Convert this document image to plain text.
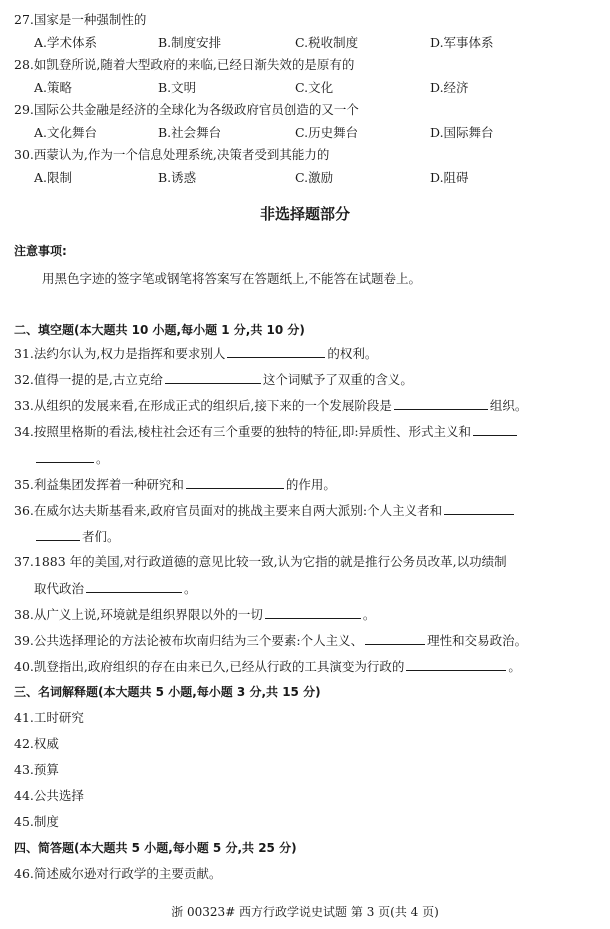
27.国家是一种强制性的
A.学术体系	B.制度安排	C.税收制度	D.军事体系
28.如凯登所说,随着大型政府的来临,已经日渐失效的是原有的
A.策略	B.文明	C.文化	D.经济
29.国际公共金融是经济的全球化为各级政府官员创造的又一个
A.文化舞台	B.社会舞台	C.历史舞台	D.国际舞台
30.西蒙认为,作为一个信息处理系统,决策者受到其能力的
A.限制	B.诱惑	C.激励	D.阻碍
非选择题部分
注意事项:
用黑色字迹的签字笔或钢笔将答案写在答题纸上,不能答在试题卷上。
二、填空题(本大题共 10 小题,每小题 1 分,共 10 分)
31.法约尔认为,权力是指挥和要求别人	的权利。
32.值得一提的是,古立克给	这个词赋予了双重的含义。
33.从组织的发展来看,在形成正式的组织后,接下来的一个发展阶段是	组织。
34.按照里格斯的看法,棱柱社会还有三个重要的独特的特征,即:异质性、形式主义和
。
35.利益集团发挥着一种研究和	的作用。
36.在威尔达夫斯基看来,政府官员面对的挑战主要来自两大派别:个人主义者和
者们。
37.1883 年的美国,对行政道德的意见比较一致,认为它指的就是推行公务员改革,以功绩制
取代政治	。
38.从广义上说,环境就是组织界限以外的一切	。
39.公共选择理论的方法论被布坎南归结为三个要素:个人主义、	理性和交易政治。
40.凯登指出,政府组织的存在由来已久,已经从行政的工具演变为行政的	。
三、名词解释题(本大题共 5 小题,每小题 3 分,共 15 分)
41.工时研究
42.权威
43.预算
44.公共选择
45.制度
四、简答题(本大题共 5 小题,每小题 5 分,共 25 分)
46.简述威尔逊对行政学的主要贡献。
浙 00323# 西方行政学说史试题 第 3 页(共 4 页)
